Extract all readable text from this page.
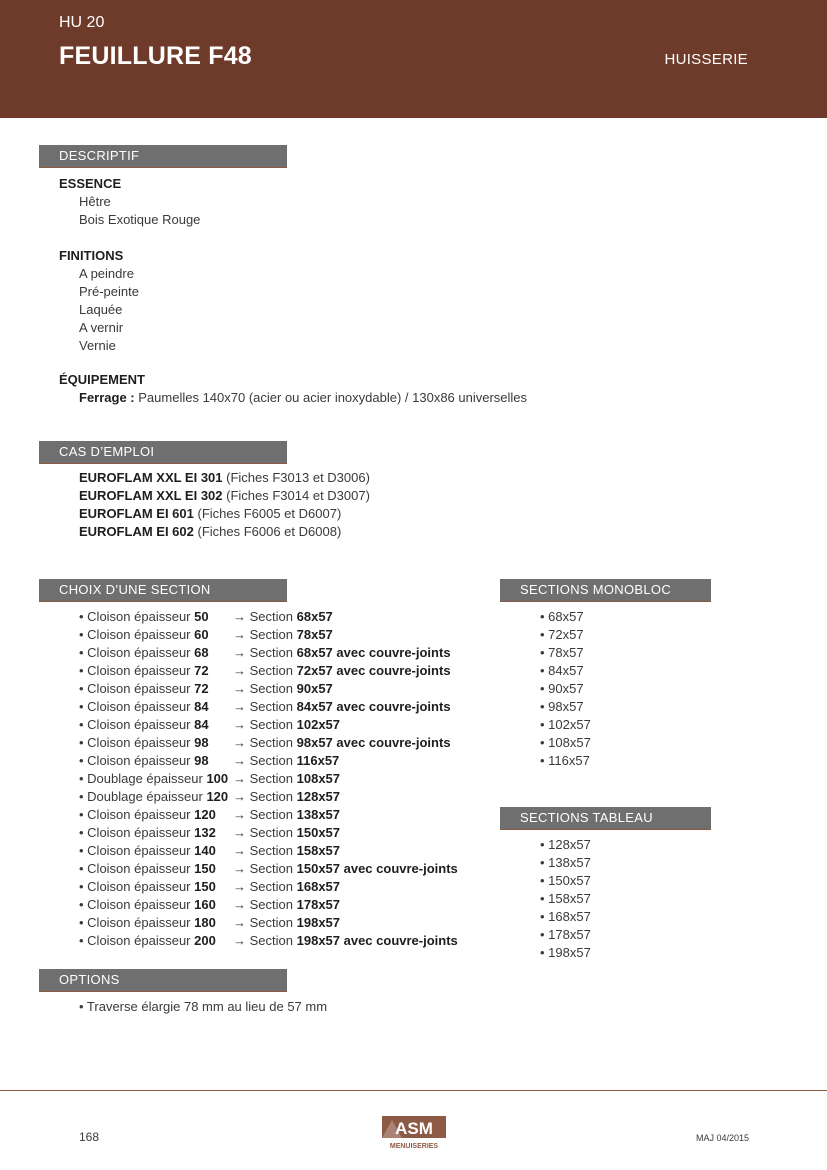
HU 20
FEUILLURE F48	HUISSERIE
DESCRIPTIF
ESSENCE
Hêtre
Bois Exotique Rouge
FINITIONS
A peindre
Pré-peinte
Laquée
A vernir
Vernie
ÉQUIPEMENT
Ferrage : Paumelles 140x70 (acier ou acier inoxydable) / 130x86 universelles
CAS D’EMPLOI
EUROFLAM XXL EI 301 (Fiches F3013 et D3006)
EUROFLAM XXL EI 302 (Fiches F3014 et D3007)
EUROFLAM EI 601 (Fiches F6005 et D6007)
EUROFLAM EI 602 (Fiches F6006 et D6008)
CHOIX D’UNE SECTION
• Cloison épaisseur 50 → Section 68x57
• Cloison épaisseur 60 → Section 78x57
• Cloison épaisseur 68 → Section 68x57 avec couvre-joints
• Cloison épaisseur 72 → Section 72x57 avec couvre-joints
• Cloison épaisseur 72 → Section 90x57
• Cloison épaisseur 84 → Section 84x57 avec couvre-joints
• Cloison épaisseur 84 → Section 102x57
• Cloison épaisseur 98 → Section 98x57 avec couvre-joints
• Cloison épaisseur 98 → Section 116x57
• Doublage épaisseur 100 → Section 108x57
• Doublage épaisseur 120 → Section 128x57
• Cloison épaisseur 120 → Section 138x57
• Cloison épaisseur 132 → Section 150x57
• Cloison épaisseur 140 → Section 158x57
• Cloison épaisseur 150 → Section 150x57 avec couvre-joints
• Cloison épaisseur 150 → Section 168x57
• Cloison épaisseur 160 → Section 178x57
• Cloison épaisseur 180 → Section 198x57
• Cloison épaisseur 200 → Section 198x57 avec couvre-joints
SECTIONS MONOBLOC
• 68x57
• 72x57
• 78x57
• 84x57
• 90x57
• 98x57
• 102x57
• 108x57
• 116x57
SECTIONS TABLEAU
• 128x57
• 138x57
• 150x57
• 158x57
• 168x57
• 178x57
• 198x57
OPTIONS
• Traverse élargie 78 mm au lieu de 57 mm
168	ASM
MENUISERIES
MAJ 04/2015
